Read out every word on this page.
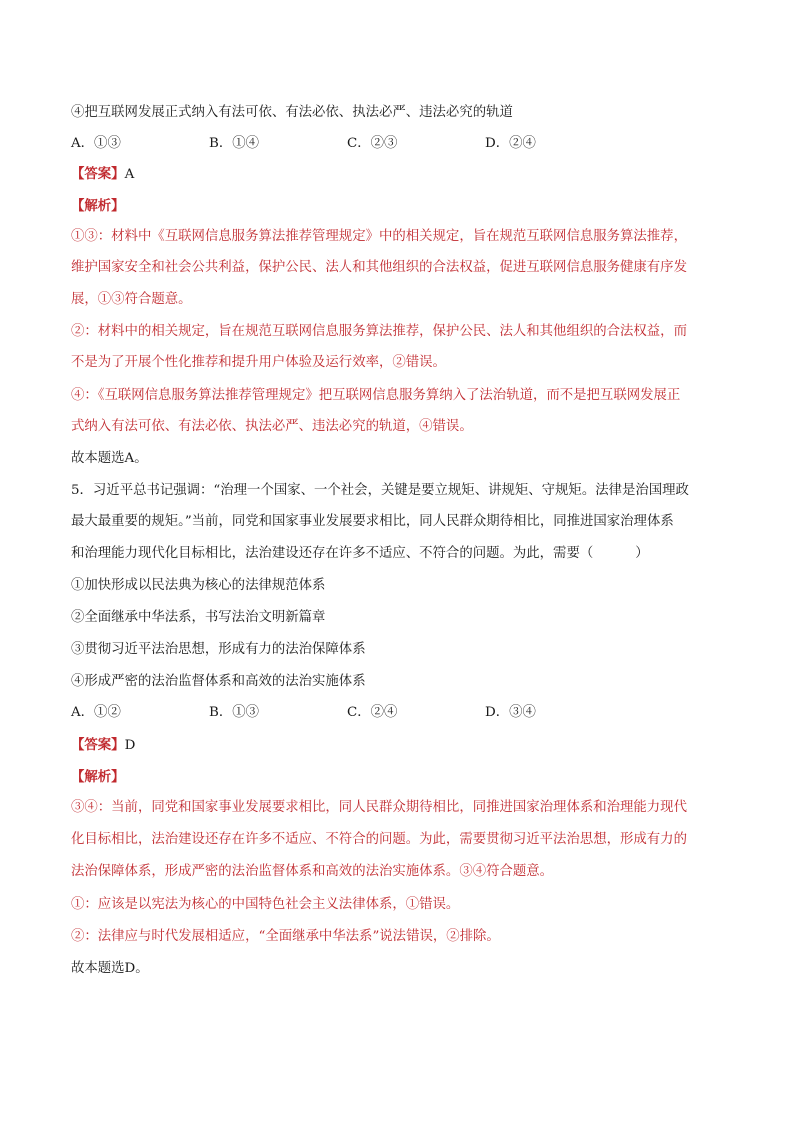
④把互联网发展正式纳入有法可依、有法必依、执法必严、违法必究的轨道
A．①③	B．①④	C．②③	D．②④
【答案】A
【解析】
①③：材料中《互联网信息服务算法推荐管理规定》中的相关规定，旨在规范互联网信息服务算法推荐，
维护国家安全和社会公共利益，保护公民、法人和其他组织的合法权益，促进互联网信息服务健康有序发
展，①③符合题意。
②：材料中的相关规定，旨在规范互联网信息服务算法推荐，保护公民、法人和其他组织的合法权益，而
不是为了开展个性化推荐和提升用户体验及运行效率，②错误。
④：《互联网信息服务算法推荐管理规定》把互联网信息服务算纳入了法治轨道，而不是把互联网发展正
式纳入有法可依、有法必依、执法必严、违法必究的轨道，④错误。
故本题选A。
5．习近平总书记强调：“治理一个国家、一个社会，关键是要立规矩、讲规矩、守规矩。法律是治国理政
最大最重要的规矩。”当前，同党和国家事业发展要求相比，同人民群众期待相比，同推进国家治理体系
和治理能力现代化目标相比，法治建设还存在许多不适应、不符合的问题。为此，需要（	）
①加快形成以民法典为核心的法律规范体系
②全面继承中华法系，书写法治文明新篇章
③贯彻习近平法治思想，形成有力的法治保障体系
④形成严密的法治监督体系和高效的法治实施体系
A．①②	B．①③	C．②④	D．③④
【答案】D
【解析】
③④：当前，同党和国家事业发展要求相比，同人民群众期待相比，同推进国家治理体系和治理能力现代
化目标相比，法治建设还存在许多不适应、不符合的问题。为此，需要贯彻习近平法治思想，形成有力的
法治保障体系，形成严密的法治监督体系和高效的法治实施体系。③④符合题意。
①：应该是以宪法为核心的中国特色社会主义法律体系，①错误。
②：法律应与时代发展相适应，“全面继承中华法系”说法错误，②排除。
故本题选D。
